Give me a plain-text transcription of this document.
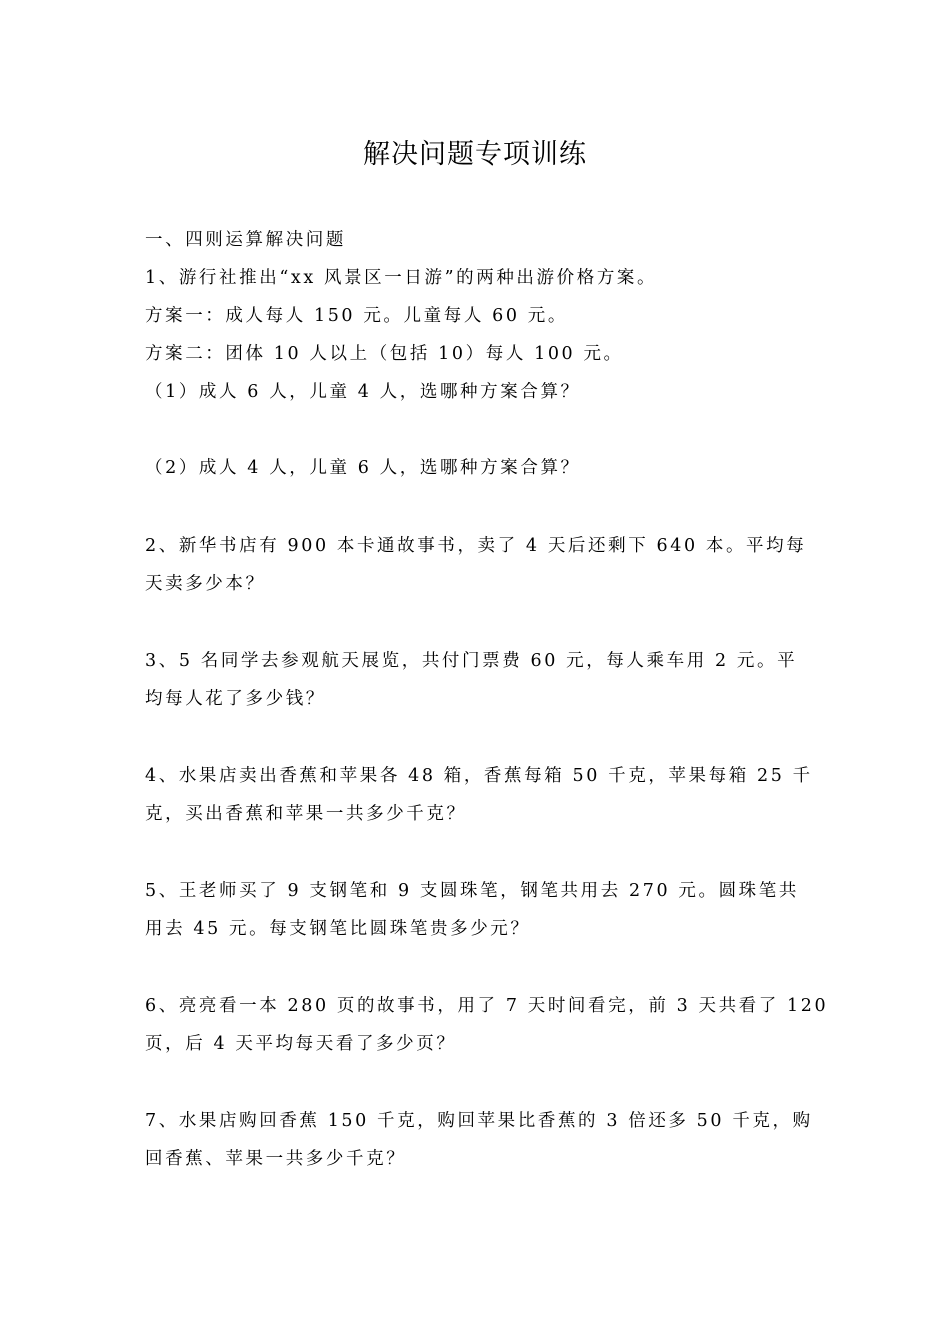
解决问题专项训练
一、四则运算解决问题
1、游行社推出“xx 风景区一日游”的两种出游价格方案。
方案一：成人每人 150 元。儿童每人 60 元。
方案二：团体 10 人以上（包括 10）每人 100 元。
（1）成人 6 人，儿童 4 人，选哪种方案合算？
（2）成人 4 人，儿童 6 人，选哪种方案合算？
2、新华书店有 900 本卡通故事书，卖了 4 天后还剩下 640 本。平均每
天卖多少本？
3、5 名同学去参观航天展览，共付门票费 60 元，每人乘车用 2 元。平
均每人花了多少钱？
4、水果店卖出香蕉和苹果各 48 箱，香蕉每箱 50 千克，苹果每箱 25 千
克，买出香蕉和苹果一共多少千克？
5、王老师买了 9 支钢笔和 9 支圆珠笔，钢笔共用去 270 元。圆珠笔共
用去 45 元。每支钢笔比圆珠笔贵多少元？
6、亮亮看一本 280 页的故事书，用了 7 天时间看完，前 3 天共看了 120
页，后 4 天平均每天看了多少页？
7、水果店购回香蕉 150 千克，购回苹果比香蕉的 3 倍还多 50 千克，购
回香蕉、苹果一共多少千克？
